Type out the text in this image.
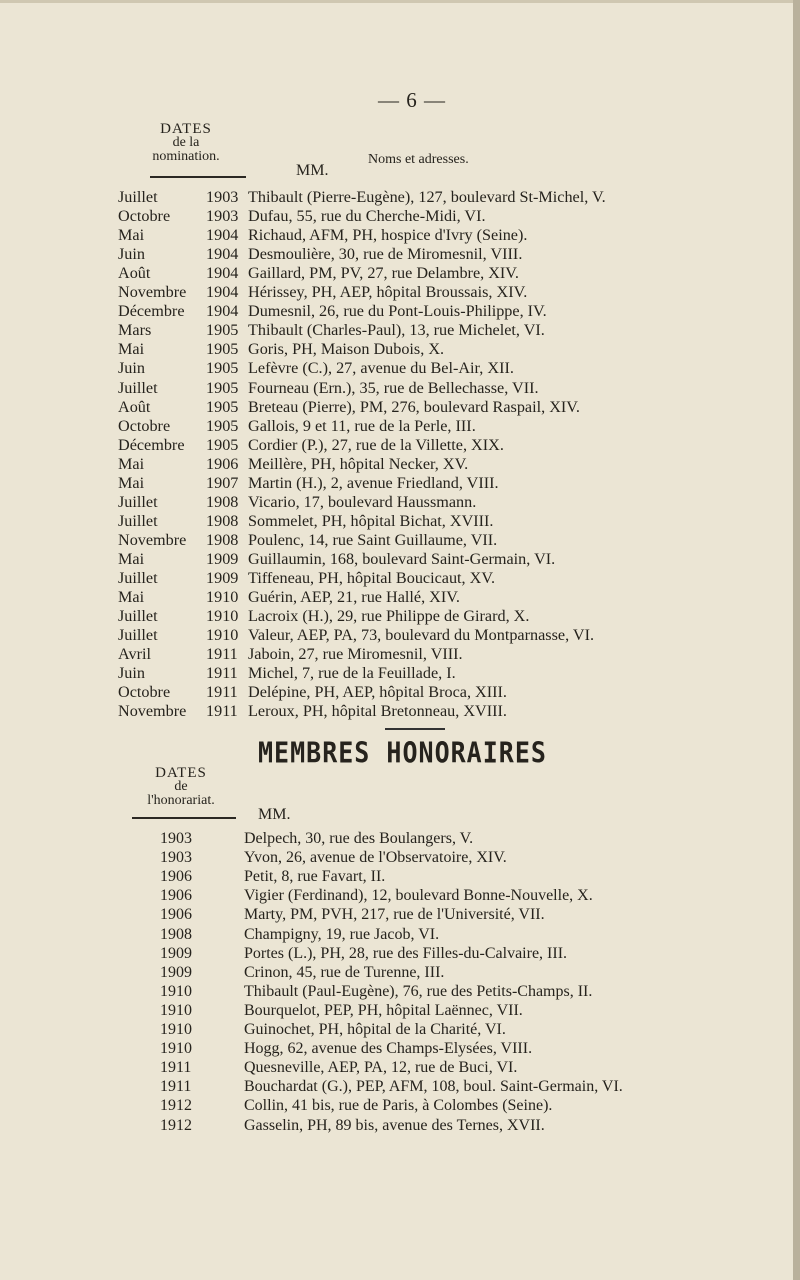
— 6 —
DATES
de la
nomination.	Noms et adresses.
MM.
Juillet	1903 Thibault (Pierre-Eugène), 127, boulevard St-Michel, V.
Octobre 1903 Dufau, 55, rue du Cherche-Midi, VI.
Mai	1904 Richaud, AFM, PH, hospice d'Ivry (Seine).
Juin	1904 Desmoulière, 30, rue de Miromesnil, VIII.
Août	1904 Gaillard, PM, PV, 27, rue Delambre, XIV.
Novembre 1904 Hérissey, PH, AEP, hôpital Broussais, XIV.
Décembre 1904 Dumesnil, 26, rue du Pont-Louis-Philippe, IV.
Mars	1905 Thibault (Charles-Paul), 13, rue Michelet, VI.
Mai	1905 Goris, PH, Maison Dubois, X.
Juin	1905 Lefèvre (C.), 27, avenue du Bel-Air, XII.
Juillet	1905 Fourneau (Ern.), 35, rue de Bellechasse, VII.
Août	1905 Breteau (Pierre), PM, 276, boulevard Raspail, XIV.
Octobre 1905 Gallois, 9 et 11, rue de la Perle, III.
Décembre 1905 Cordier (P.), 27, rue de la Villette, XIX.
Mai	1906 Meillère, PH, hôpital Necker, XV.
Mai	1907 Martin (H.), 2, avenue Friedland, VIII.
Juillet	1908 Vicario, 17, boulevard Haussmann.
Juillet	1908 Sommelet, PH, hôpital Bichat, XVIII.
Novembre 1908 Poulenc, 14, rue Saint Guillaume, VII.
Mai	1909 Guillaumin, 168, boulevard Saint-Germain, VI.
Juillet	1909 Tiffeneau, PH, hôpital Boucicaut, XV.
Mai	1910 Guérin, AEP, 21, rue Hallé, XIV.
Juillet	1910 Lacroix (H.), 29, rue Philippe de Girard, X.
Juillet	1910 Valeur, AEP, PA, 73, boulevard du Montparnasse, VI.
Avril	1911 Jaboin, 27, rue Miromesnil, VIII.
Juin	1911 Michel, 7, rue de la Feuillade, I.
Octobre 1911 Delépine, PH, AEP, hôpital Broca, XIII.
Novembre 1911 Leroux, PH, hôpital Bretonneau, XVIII.
MEMBRES HONORAIRES
DATES
de
l'honorariat.
MM.
1903	Delpech, 30, rue des Boulangers, V.
1903	Yvon, 26, avenue de l'Observatoire, XIV.
1906	Petit, 8, rue Favart, II.
1906	Vigier (Ferdinand), 12, boulevard Bonne-Nouvelle, X.
1906	Marty, PM, PVH, 217, rue de l'Université, VII.
1908	Champigny, 19, rue Jacob, VI.
1909	Portes (L.), PH, 28, rue des Filles-du-Calvaire, III.
1909	Crinon, 45, rue de Turenne, III.
1910	Thibault (Paul-Eugène), 76, rue des Petits-Champs, II.
1910	Bourquelot, PEP, PH, hôpital Laënnec, VII.
1910	Guinochet, PH, hôpital de la Charité, VI.
1910	Hogg, 62, avenue des Champs-Elysées, VIII.
1911	Quesneville, AEP, PA, 12, rue de Buci, VI.
1911	Bouchardat (G.), PEP, AFM, 108, boul. Saint-Germain, VI.
1912	Collin, 41 bis, rue de Paris, à Colombes (Seine).
1912	Gasselin, PH, 89 bis, avenue des Ternes, XVII.
